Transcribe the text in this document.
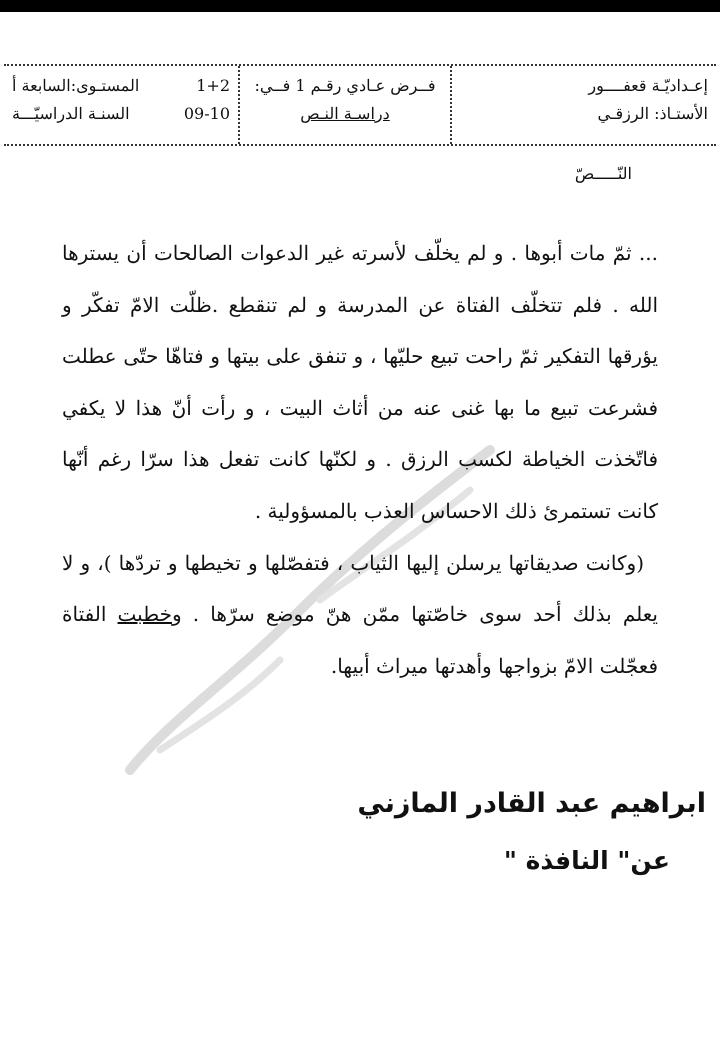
إعـداديّـة قعفــــور
الأستـاذ: الرزقـي
فــرض عـادي رقـم 1 فــي:
دراسـة النـص
المستـوى:السابعة أ	1+2
السنـة الدراسيّـــة	09-10
النّـــــصّ

... ثمّ مات أبوها . و لم يخلّف لأسرته غير الدعوات الصالحات أن يسترها الله . فلم تتخلّف الفتاة عن المدرسة و لم تنقطع .ظلّت الامّ تفكّر و يؤرقها التفكير ثمّ راحت تبيع حليّها ، و تنفق على بيتها و فتاهّا حتّى عطلت فشرعت تبيع ما بها غنى عنه من أثاث البيت ، و رأت أنّ هذا لا يكفي فاتّخذت الخياطة لكسب الرزق . و لكنّها كانت تفعل هذا سرّا رغم أنّها كانت تستمرئ ذلك الاحساس العذب بالمسؤولية .

(وكانت صديقاتها يرسلن إليها الثياب ، فتفصّلها و تخيطها و تردّها )، و لا يعلم بذلك أحد سوى خاصّتها ممّن هنّ موضع سرّها . وخطبت الفتاة فعجّلت الامّ بزواجها وأهدتها ميراث أبيها.

ابراهيم عبد القادر المازني
عن" النافذة "
